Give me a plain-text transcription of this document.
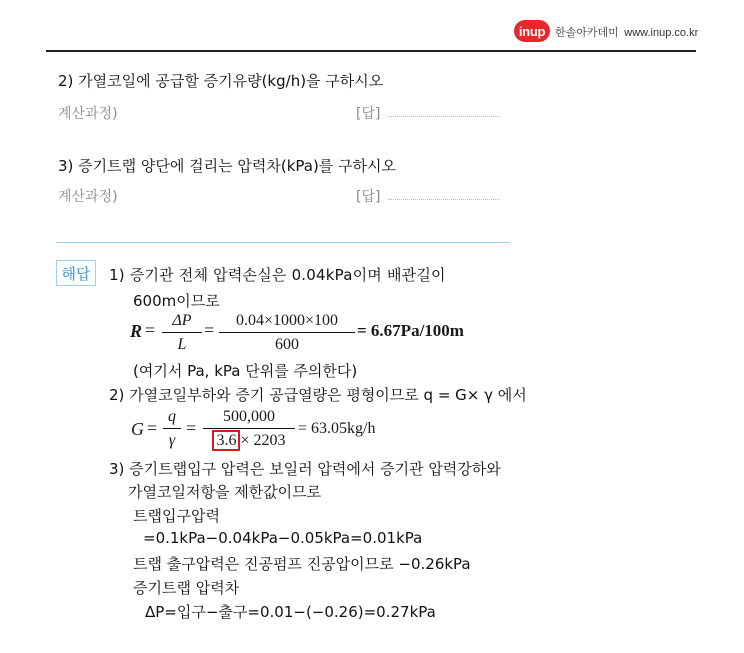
inup 한솔아카데미 www.inup.co.kr
2) 가열코일에 공급할 증기유량(kg/h)을 구하시오
계산과정)	[답]
3) 증기트랩 양단에 걸리는 압력차(kPa)를 구하시오
계산과정)	[답]
해답	1) 증기관 전체 압력손실은 0.04kPa이며 배관길이
600m이므로
R = ΔP
L
= 0.04×1000×100
600
= 6.67Pa/100m
(여기서 Pa, kPa 단위를 주의한다)
2) 가열코일부하와 증기 공급열량은 평형이므로 q = G× γ 에서
G =
q
γ
=
500,000
3.6 × 2203
= 63.05kg/h
3) 증기트랩입구 압력은 보일러 압력에서 증기관 압력강하와
가열코일저항을 제한값이므로
트랩입구압력
=0.1kPa−0.04kPa−0.05kPa=0.01kPa
트랩 출구압력은 진공펌프 진공압이므로 −0.26kPa
증기트랩 압력차
ΔP=입구−출구=0.01−(−0.26)=0.27kPa
